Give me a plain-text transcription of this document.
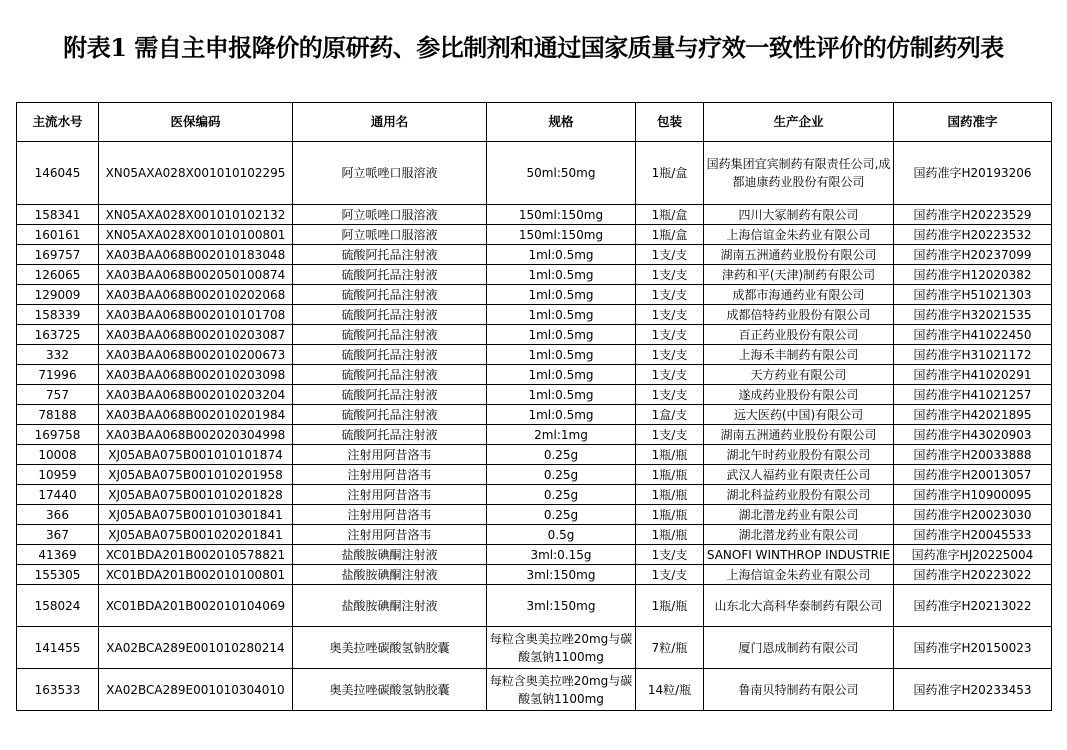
附表1 需自主申报降价的原研药、参比制剂和通过国家质量与疗效一致性评价的仿制药列表
主流水号	医保编码	通用名	规格	包装	生产企业	国药准字
146045	XN05AXA028X001010102295	阿立哌唑口服溶液	50ml:50mg	1瓶/盒	国药集团宜宾制药有限责任公司,成都迪康药业股份有限公司	国药准字H20193206
158341	XN05AXA028X001010102132	阿立哌唑口服溶液	150ml:150mg	1瓶/盒	四川大冢制药有限公司	国药准字H20223529
160161	XN05AXA028X001010100801	阿立哌唑口服溶液	150ml:150mg	1瓶/盒	上海信谊金朱药业有限公司	国药准字H20223532
169757	XA03BAA068B002010183048	硫酸阿托品注射液	1ml:0.5mg	1支/支	湖南五洲通药业股份有限公司	国药准字H20237099
126065	XA03BAA068B002050100874	硫酸阿托品注射液	1ml:0.5mg	1支/支	津药和平(天津)制药有限公司	国药准字H12020382
129009	XA03BAA068B002010202068	硫酸阿托品注射液	1ml:0.5mg	1支/支	成都市海通药业有限公司	国药准字H51021303
158339	XA03BAA068B002010101708	硫酸阿托品注射液	1ml:0.5mg	1支/支	成都倍特药业股份有限公司	国药准字H32021535
163725	XA03BAA068B002010203087	硫酸阿托品注射液	1ml:0.5mg	1支/支	百正药业股份有限公司	国药准字H41022450
332	XA03BAA068B002010200673	硫酸阿托品注射液	1ml:0.5mg	1支/支	上海禾丰制药有限公司	国药准字H31021172
71996	XA03BAA068B002010203098	硫酸阿托品注射液	1ml:0.5mg	1支/支	天方药业有限公司	国药准字H41020291
757	XA03BAA068B002010203204	硫酸阿托品注射液	1ml:0.5mg	1支/支	遂成药业股份有限公司	国药准字H41021257
78188	XA03BAA068B002010201984	硫酸阿托品注射液	1ml:0.5mg	1盒/支	远大医药(中国)有限公司	国药准字H42021895
169758	XA03BAA068B002020304998	硫酸阿托品注射液	2ml:1mg	1支/支	湖南五洲通药业股份有限公司	国药准字H43020903
10008	XJ05ABA075B001010101874	注射用阿昔洛韦	0.25g	1瓶/瓶	湖北午时药业股份有限公司	国药准字H20033888
10959	XJ05ABA075B001010201958	注射用阿昔洛韦	0.25g	1瓶/瓶	武汉人福药业有限责任公司	国药准字H20013057
17440	XJ05ABA075B001010201828	注射用阿昔洛韦	0.25g	1瓶/瓶	湖北科益药业股份有限公司	国药准字H10900095
366	XJ05ABA075B001010301841	注射用阿昔洛韦	0.25g	1瓶/瓶	湖北潜龙药业有限公司	国药准字H20023030
367	XJ05ABA075B001020201841	注射用阿昔洛韦	0.5g	1瓶/瓶	湖北潜龙药业有限公司	国药准字H20045533
41369	XC01BDA201B002010578821	盐酸胺碘酮注射液	3ml:0.15g	1支/支	SANOFI WINTHROP INDUSTRIE	国药准字HJ20225004
155305	XC01BDA201B002010100801	盐酸胺碘酮注射液	3ml:150mg	1支/支	上海信谊金朱药业有限公司	国药准字H20223022
158024	XC01BDA201B002010104069	盐酸胺碘酮注射液	3ml:150mg	1瓶/瓶	山东北大高科华泰制药有限公司	国药准字H20213022
141455	XA02BCA289E001010280214	奥美拉唑碳酸氢钠胶囊	每粒含奥美拉唑20mg与碳酸氢钠1100mg	7粒/瓶	厦门恩成制药有限公司	国药准字H20150023
163533	XA02BCA289E001010304010	奥美拉唑碳酸氢钠胶囊	每粒含奥美拉唑20mg与碳酸氢钠1100mg	14粒/瓶	鲁南贝特制药有限公司	国药准字H20233453
